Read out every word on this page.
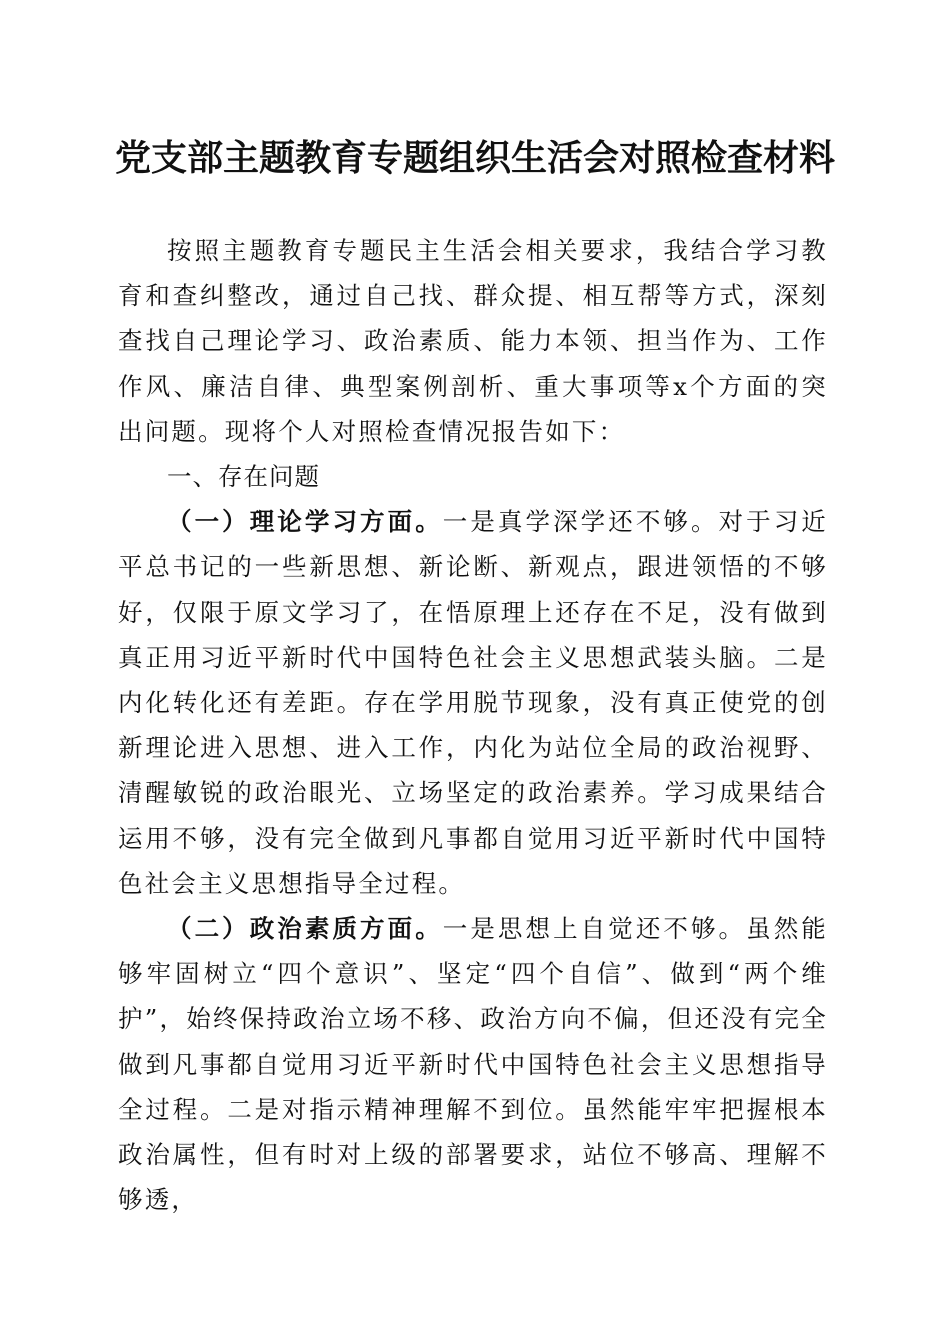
党支部主题教育专题组织生活会对照检查材料

按照主题教育专题民主生活会相关要求，我结合学习教育和查纠整改，通过自己找、群众提、相互帮等方式，深刻查找自己理论学习、政治素质、能力本领、担当作为、工作作风、廉洁自律、典型案例剖析、重大事项等x个方面的突出问题。现将个人对照检查情况报告如下：

一、存在问题

（一）理论学习方面。一是真学深学还不够。对于习近平总书记的一些新思想、新论断、新观点，跟进领悟的不够好，仅限于原文学习了，在悟原理上还存在不足，没有做到真正用习近平新时代中国特色社会主义思想武装头脑。二是内化转化还有差距。存在学用脱节现象，没有真正使党的创新理论进入思想、进入工作，内化为站位全局的政治视野、清醒敏锐的政治眼光、立场坚定的政治素养。学习成果结合运用不够，没有完全做到凡事都自觉用习近平新时代中国特色社会主义思想指导全过程。

（二）政治素质方面。一是思想上自觉还不够。虽然能够牢固树立“四个意识”、坚定“四个自信”、做到“两个维护”，始终保持政治立场不移、政治方向不偏，但还没有完全做到凡事都自觉用习近平新时代中国特色社会主义思想指导全过程。二是对指示精神理解不到位。虽然能牢牢把握根本政治属性，但有时对上级的部署要求，站位不够高、理解不够透，
